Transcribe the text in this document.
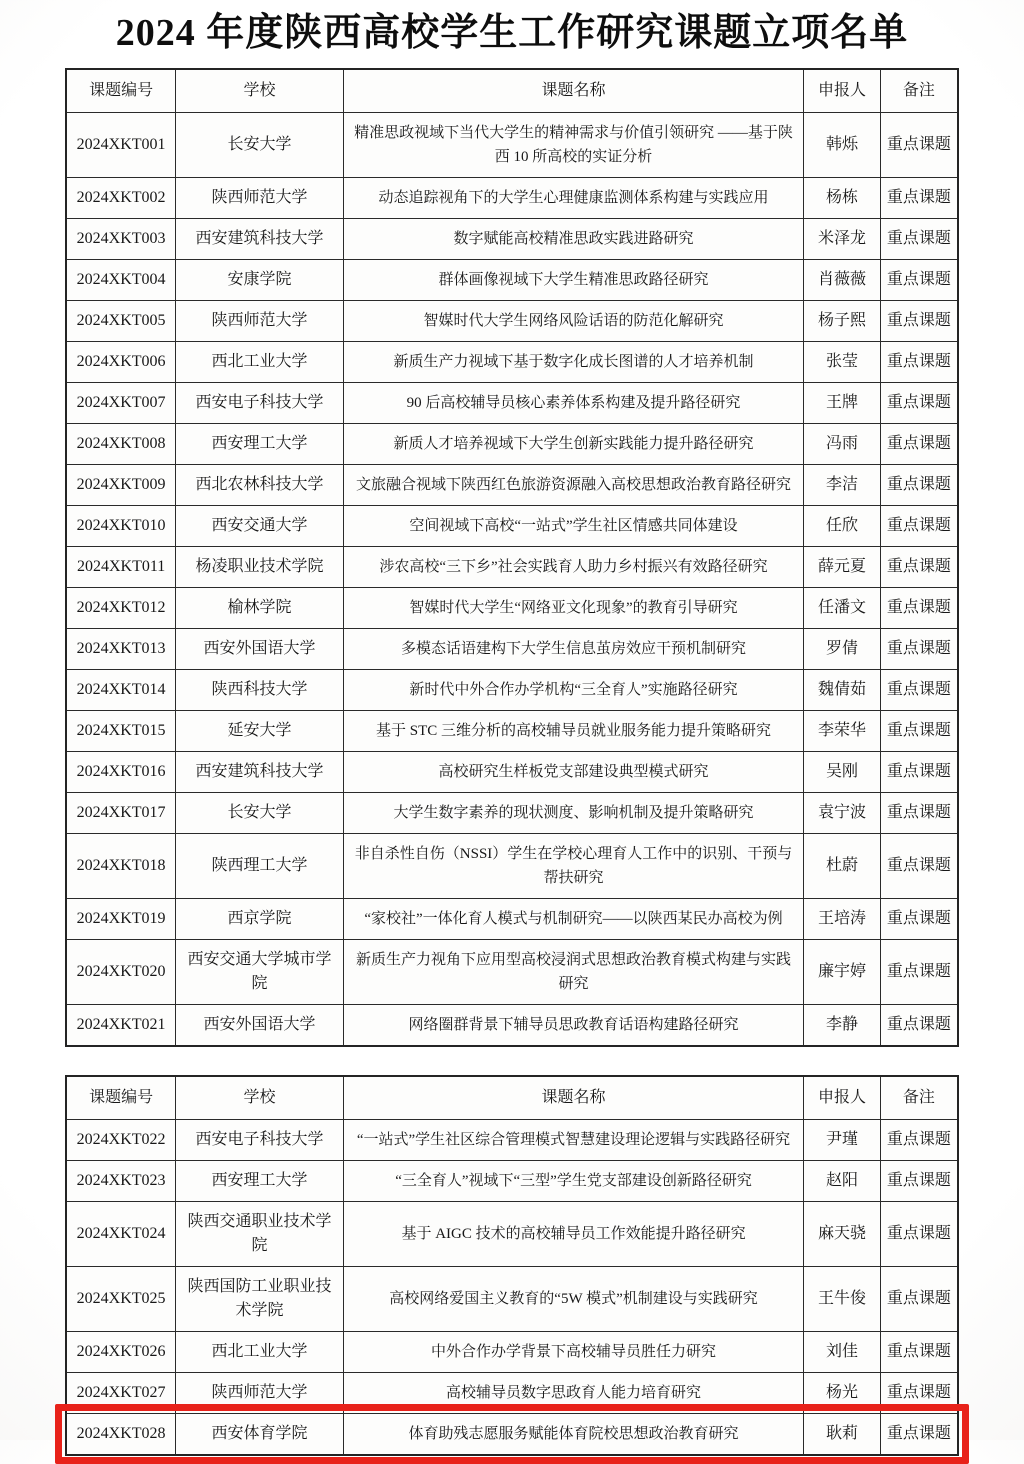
2024 年度陕西高校学生工作研究课题立项名单
课题编号	学校	课题名称	申报人	备注
2024XKT001	长安大学	精准思政视域下当代大学生的精神需求与价值引领研究 ——基于陕西 10 所高校的实证分析	韩烁	重点课题
2024XKT002	陕西师范大学	动态追踪视角下的大学生心理健康监测体系构建与实践应用	杨栋	重点课题
2024XKT003	西安建筑科技大学	数字赋能高校精准思政实践进路研究	米泽龙	重点课题
2024XKT004	安康学院	群体画像视域下大学生精准思政路径研究	肖薇薇	重点课题
2024XKT005	陕西师范大学	智媒时代大学生网络风险话语的防范化解研究	杨子熙	重点课题
2024XKT006	西北工业大学	新质生产力视域下基于数字化成长图谱的人才培养机制	张莹	重点课题
2024XKT007	西安电子科技大学	90 后高校辅导员核心素养体系构建及提升路径研究	王牌	重点课题
2024XKT008	西安理工大学	新质人才培养视域下大学生创新实践能力提升路径研究	冯雨	重点课题
2024XKT009	西北农林科技大学	文旅融合视域下陕西红色旅游资源融入高校思想政治教育路径研究	李洁	重点课题
2024XKT010	西安交通大学	空间视域下高校“一站式”学生社区情感共同体建设	任欣	重点课题
2024XKT011	杨凌职业技术学院	涉农高校“三下乡”社会实践育人助力乡村振兴有效路径研究	薛元夏	重点课题
2024XKT012	榆林学院	智媒时代大学生“网络亚文化现象”的教育引导研究	任潘文	重点课题
2024XKT013	西安外国语大学	多模态话语建构下大学生信息茧房效应干预机制研究	罗倩	重点课题
2024XKT014	陕西科技大学	新时代中外合作办学机构“三全育人”实施路径研究	魏倩茹	重点课题
2024XKT015	延安大学	基于 STC 三维分析的高校辅导员就业服务能力提升策略研究	李荣华	重点课题
2024XKT016	西安建筑科技大学	高校研究生样板党支部建设典型模式研究	吴刚	重点课题
2024XKT017	长安大学	大学生数字素养的现状测度、影响机制及提升策略研究	袁宁波	重点课题
2024XKT018	陕西理工大学	非自杀性自伤（NSSI）学生在学校心理育人工作中的识别、干预与帮扶研究	杜蔚	重点课题
2024XKT019	西京学院	“家校社”一体化育人模式与机制研究——以陕西某民办高校为例	王培涛	重点课题
2024XKT020	西安交通大学城市学院	新质生产力视角下应用型高校浸润式思想政治教育模式构建与实践研究	廉宇婷	重点课题
2024XKT021	西安外国语大学	网络圈群背景下辅导员思政教育话语构建路径研究	李静	重点课题
课题编号	学校	课题名称	申报人	备注
2024XKT022	西安电子科技大学	“一站式”学生社区综合管理模式智慧建设理论逻辑与实践路径研究	尹瑾	重点课题
2024XKT023	西安理工大学	“三全育人”视域下“三型”学生党支部建设创新路径研究	赵阳	重点课题
2024XKT024	陕西交通职业技术学院	基于 AIGC 技术的高校辅导员工作效能提升路径研究	麻天骁	重点课题
2024XKT025	陕西国防工业职业技术学院	高校网络爱国主义教育的“5W 模式”机制建设与实践研究	王牛俊	重点课题
2024XKT026	西北工业大学	中外合作办学背景下高校辅导员胜任力研究	刘佳	重点课题
2024XKT027	陕西师范大学	高校辅导员数字思政育人能力培育研究	杨光	重点课题
2024XKT028	西安体育学院	体育助残志愿服务赋能体育院校思想政治教育研究	耿莉	重点课题
